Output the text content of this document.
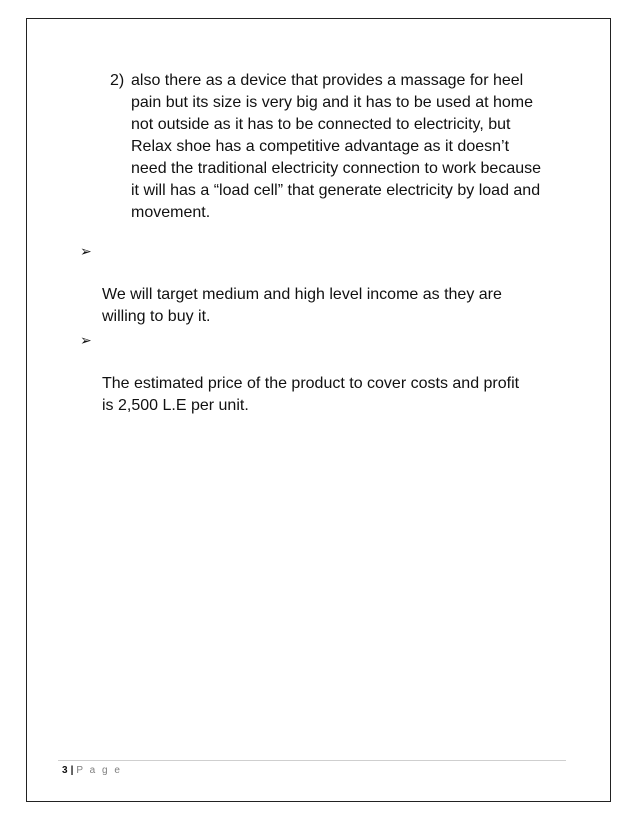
2) also there as a device that provides a massage for heel
pain but its size is very big and it has to be used at home
not outside as it has to be connected to electricity, but
Relax shoe has a competitive advantage as it doesn’t
need the traditional electricity connection to work because
it will has a “load cell” that generate electricity by load and
movement.

➢

We will target medium and high level income as they are
willing to buy it.

➢

The estimated price of the product to cover costs and profit
is 2,500 L.E per unit.

3 | P a g e
